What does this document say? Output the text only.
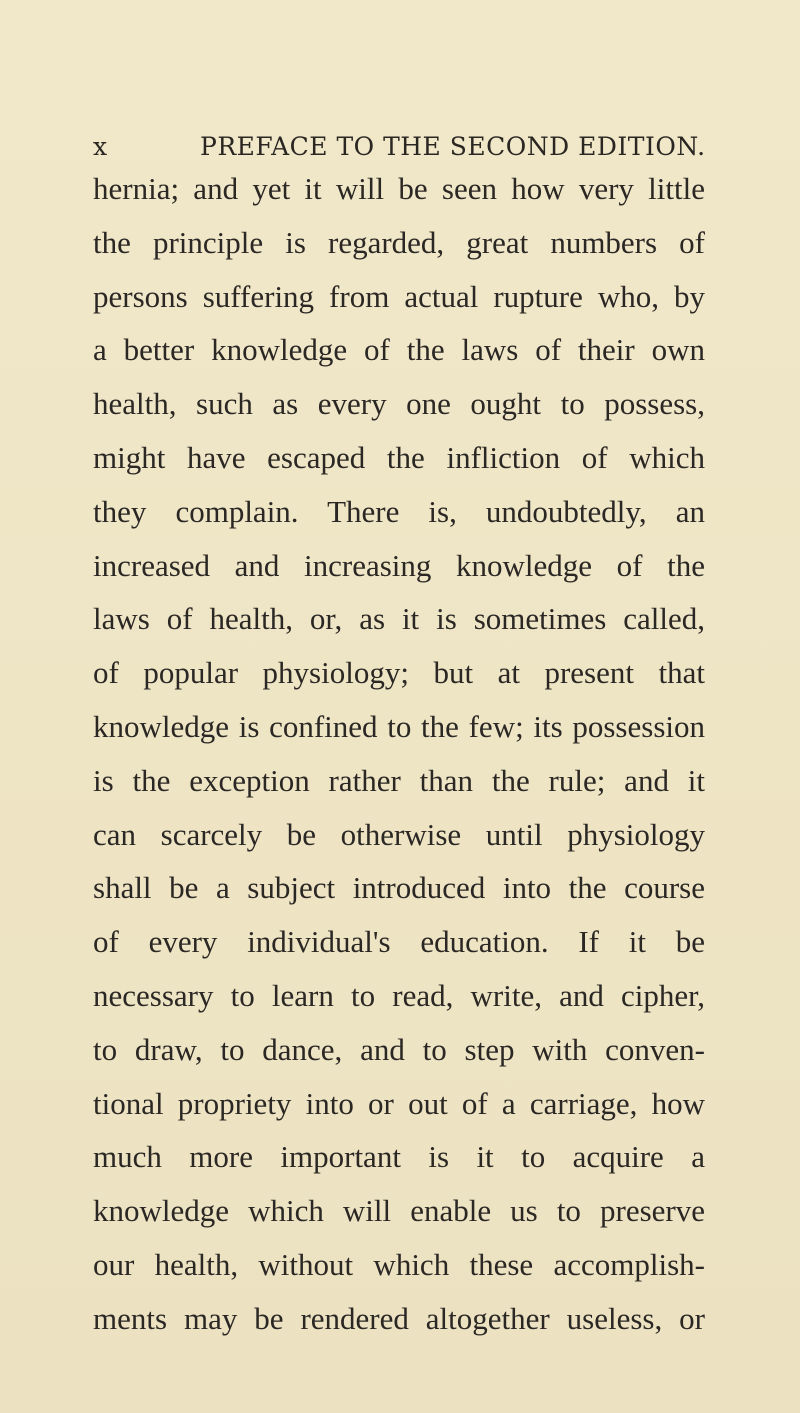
x	PREFACE TO THE SECOND EDITION.
hernia; and yet it will be seen how very little
the principle is regarded, great numbers of
persons suffering from actual rupture who, by
a better knowledge of the laws of their own
health, such as every one ought to possess,
might have escaped the infliction of which
they complain. There is, undoubtedly, an
increased and increasing knowledge of the
laws of health, or, as it is sometimes called,
of popular physiology; but at present that
knowledge is confined to the few; its possession
is the exception rather than the rule; and it
can scarcely be otherwise until physiology
shall be a subject introduced into the course
of every individual's education. If it be
necessary to learn to read, write, and cipher,
to draw, to dance, and to step with conven-
tional propriety into or out of a carriage, how
much more important is it to acquire a
knowledge which will enable us to preserve
our health, without which these accomplish-
ments may be rendered altogether useless, or
